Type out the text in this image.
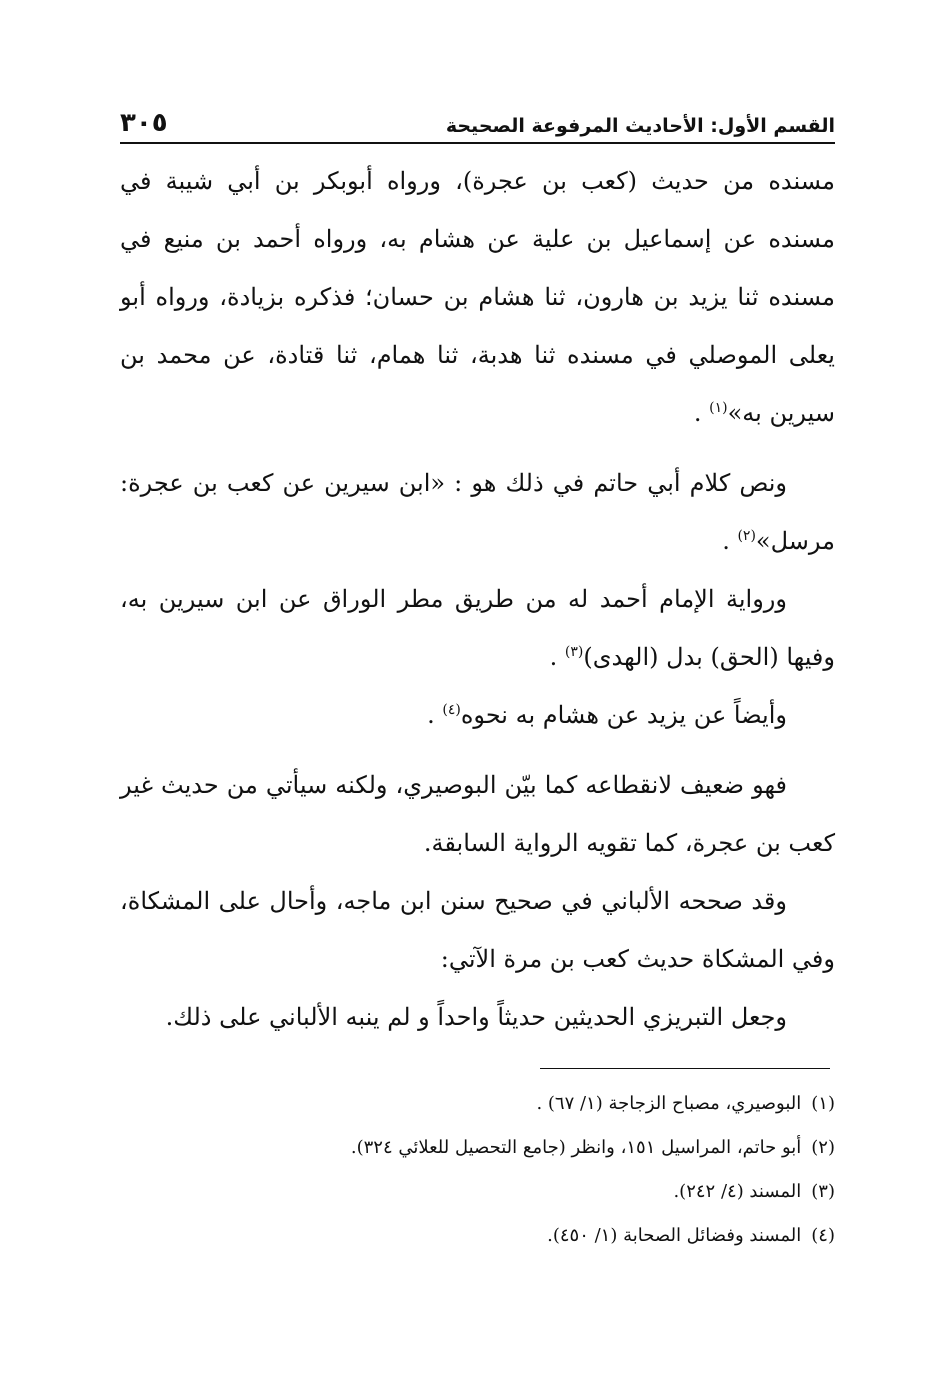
القسم الأول: الأحاديث المرفوعة الصحيحة
٣٠٥

مسنده من حديث (كعب بن عجرة)، ورواه أبوبكر بن أبي شيبة في مسنده عن إسماعيل بن علية عن هشام به، ورواه أحمد بن منيع في مسنده ثنا يزيد بن هارون، ثنا هشام بن حسان؛ فذكره بزيادة، ورواه أبو يعلى الموصلي في مسنده ثنا هدبة، ثنا همام، ثنا قتادة، عن محمد بن سيرين به»$^{(١)}$ .

ونص كلام أبي حاتم في ذلك هو : «ابن سيرين عن كعب بن عجرة: مرسل»$^{(٢)}$ .

ورواية الإمام أحمد له من طريق مطر الوراق عن ابن سيرين به، وفيها (الحق) بدل (الهدى)$^{(٣)}$ .

وأيضاً عن يزيد عن هشام به نحوه$^{(٤)}$ .

فهو ضعيف لانقطاعه كما بيّن البوصيري، ولكنه سيأتي من حديث غير كعب بن عجرة، كما تقويه الرواية السابقة.

وقد صححه الألباني في صحيح سنن ابن ماجه، وأحال على المشكاة، وفي المشكاة حديث كعب بن مرة الآتي:

وجعل التبريزي الحديثين حديثاً واحداً و لم ينبه الألباني على ذلك.

(١)
البوصيري، مصباح الزجاجة (١/ ٦٧) .
(٢)
أبو حاتم، المراسيل ١٥١، وانظر (جامع التحصيل للعلائي ٣٢٤).
(٣)
المسند (٤/ ٢٤٢).
(٤)
المسند وفضائل الصحابة (١/ ٤٥٠).
